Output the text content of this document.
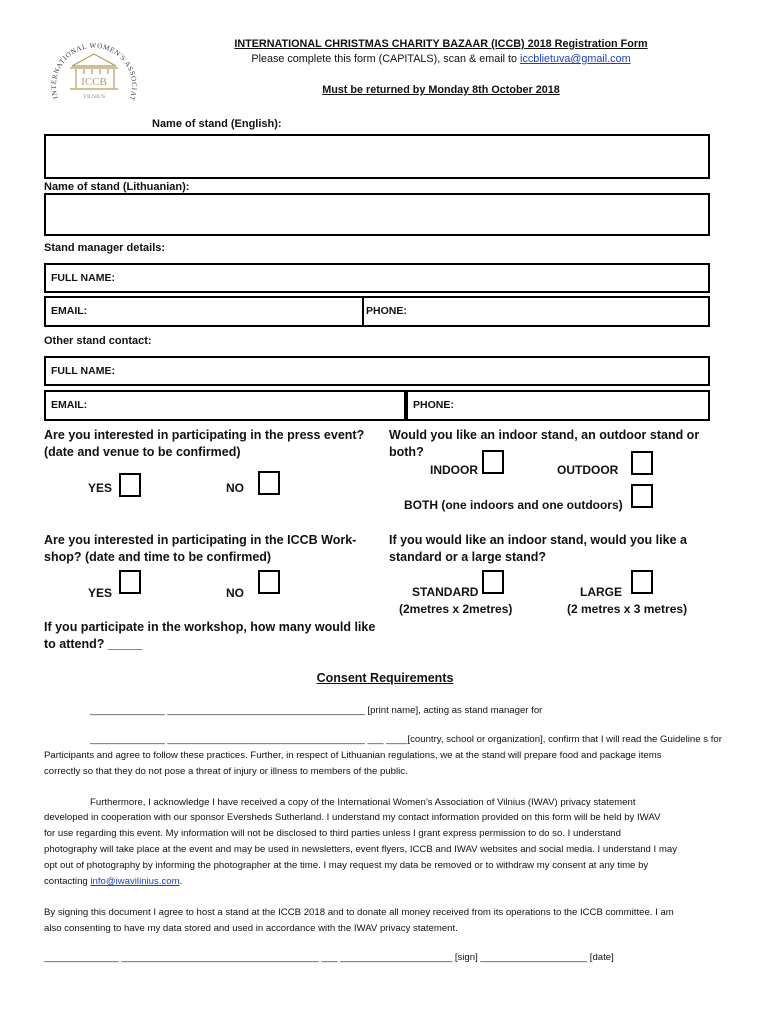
INTERNATIONAL WOMEN'S ASSOCIAT
ICCB
VILNIUS
INTERNATIONAL CHRISTMAS CHARITY BAZAAR (ICCB) 2018 Registration Form
Please complete this form (CAPITALS), scan & email to iccblietuva@gmail.com
Must be returned by Monday 8th October 2018
Name of stand (English):
Name of stand (Lithuanian):
Stand manager details:
FULL NAME:
EMAIL:	PHONE:
Other stand contact:
FULL NAME:
EMAIL:	PHONE:
Are you interested in participating in the press event?
(date and venue to be confirmed)
YES	NO
Would you like an indoor stand, an outdoor stand or both?
INDOOR	OUTDOOR
BOTH (one indoors and one outdoors)
Are you interested in participating in the ICCB Work-
shop? (date and time to be confirmed)
YES	NO
If you participate in the workshop, how many would like
to attend? _____
If you would like an indoor stand, would you like a
standard or a large stand?
STANDARD
(2metres x 2metres)
LARGE
(2 metres x 3 metres)
Consent Requirements
______________ _____________________________________ [print name], acting as stand manager for
______________ _____________________________________ ___ ____[country, school or organization], confirm that I will read the Guideline s for
Participants and agree to follow these practices. Further, in respect of Lithuanian regulations, we at the stand will prepare food and package items
correctly so that they do not pose a threat of injury or illness to members of the public.
Furthermore, I acknowledge I have received a copy of the International Women’s Association of Vilnius (IWAV) privacy statement
developed in cooperation with our sponsor Eversheds Sutherland. I understand my contact information provided on this form will be held by IWAV
for use regarding this event. My information will not be disclosed to third parties unless I grant express permission to do so. I understand
photography will take place at the event and may be used in newsletters, event flyers, ICCB and IWAV websites and social media. I understand I may
opt out of photography by informing the photographer at the time. I may request my data be removed or to withdraw my consent at any time by
contacting info@iwavilinius.com.
By signing this document I agree to host a stand at the ICCB 2018 and to donate all money received from its operations to the ICCB committee. I am
also consenting to have my data stored and used in accordance with the IWAV privacy statement.
______________ _____________________________________ ___ _____________________ [sign] ____________________ [date]
